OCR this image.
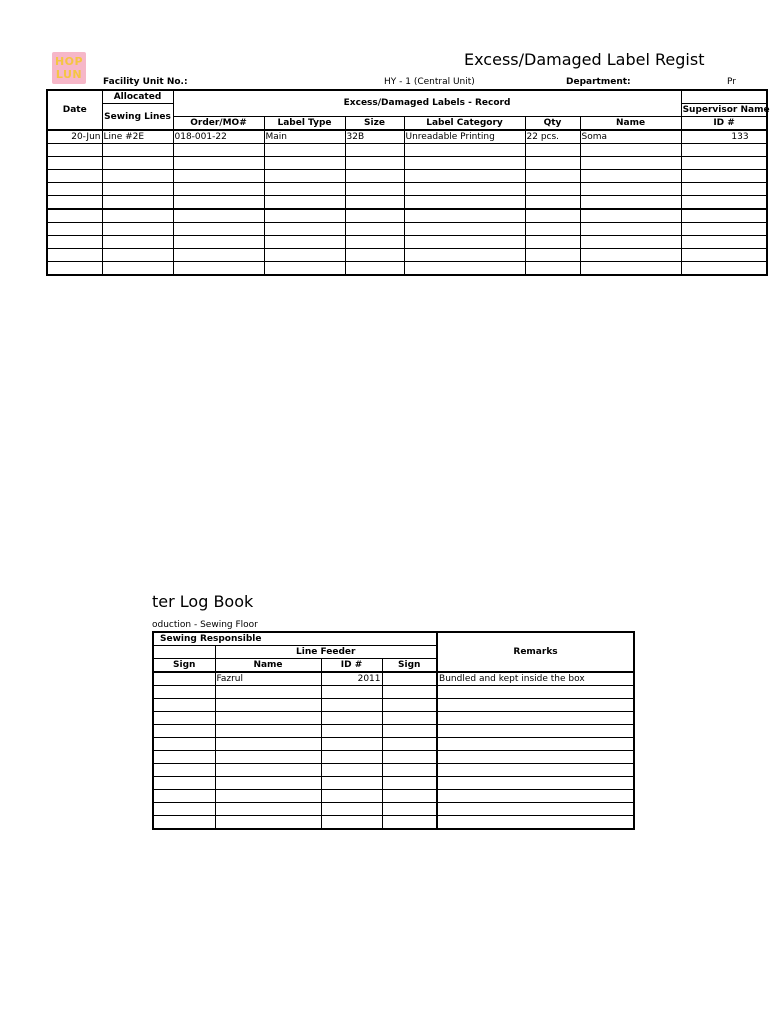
HOP
LUN
Excess/Damaged Label Regist
Facility Unit No.:	HY - 1 (Central Unit)	Department:	Pr
Date	Allocated	Excess/Damaged Labels - Record						
	Sewing Lines							Supervisor Name
		Order/MO#	Label Type	Size	Label Category	Qty	Name	ID #
20-Jun	Line #2E	018-001-22	Main	32B	Unreadable Printing	22 pcs.	Soma	133

ter Log Book
oduction - Sewing Floor
Sewing Responsible				Remarks
	Line Feeder			
Sign	Name	ID #	Sign	
	Fazrul	2011		Bundled and kept inside the box
